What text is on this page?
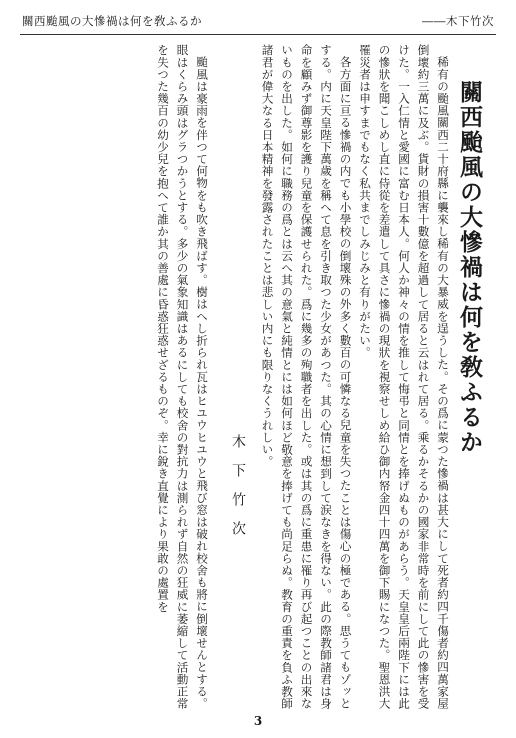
關西颱風の大慘禍は何を敎ふるか	――木下竹次

關西颱風の大慘禍は何を敎ふるか

稀有の颱風關西二十府縣に襲來し稀有の大暴威を逞うした。その爲に蒙つた慘禍は甚大にして死者約四千傷者約四萬家屋倒壞約三萬に及ぶ。貨財の損害十數億を超過して居ると云はれて居る。乘るかそるかの國家非常時を前にして此の慘害を受けた。一入仁情と愛國に富む日本人。何人か神々の情を推して悔弔と同情とを捧げぬものがあらう。天皇皇后兩陛下には此の慘狀を聞こしめし直に侍從を差遣して具さに慘禍の現狀を視察せしめ給ひ御内帑金四十四萬を御下賜になつた。聖恩洪大罹災者は申すまでもなく私共までしみじみと有りがたい。

各方面に亘る慘禍の内でも小學校の倒壞殊の外多く數百の可憐なる兒童を失つたことは傷心の極である。思うてもゾッとする。内に天皇陛下萬歲を稱へて息を引き取つた少女があつた。其の心情に想到して涙なきを得ない。此の際教師諸君は身命を顧みず御尊影を護り兒童を保護せられた。爲に幾多の殉職者を出した。或は其の爲に重患に罹り再び起つことの出來ないものを出した。如何に職務の爲とは云へ其の意氣と純情とには如何ほど敬意を捧げても尚足らぬ。教育の重責を負ふ教師諸君が偉大なる日本精神を發露されたことは悲しい内にも限りなくうれしい。

木下竹次

颱風は豪雨を伴つて何物をも吹き飛ばす。樹はへし折られ瓦はヒユウヒユウと飛び窓は破れ校舍も將に倒壞せんとする。眼はくらみ頭はグラつかうとする。多少の氣象知識はあるにしても校舍の對抗力は測られず自然の狂威に萎縮して活動正常を失つた幾百の幼少兒を抱へて誰か其の善處に昏惑狂惑せざるものぞ。幸に銳き直覺により果敢の處置を

3
